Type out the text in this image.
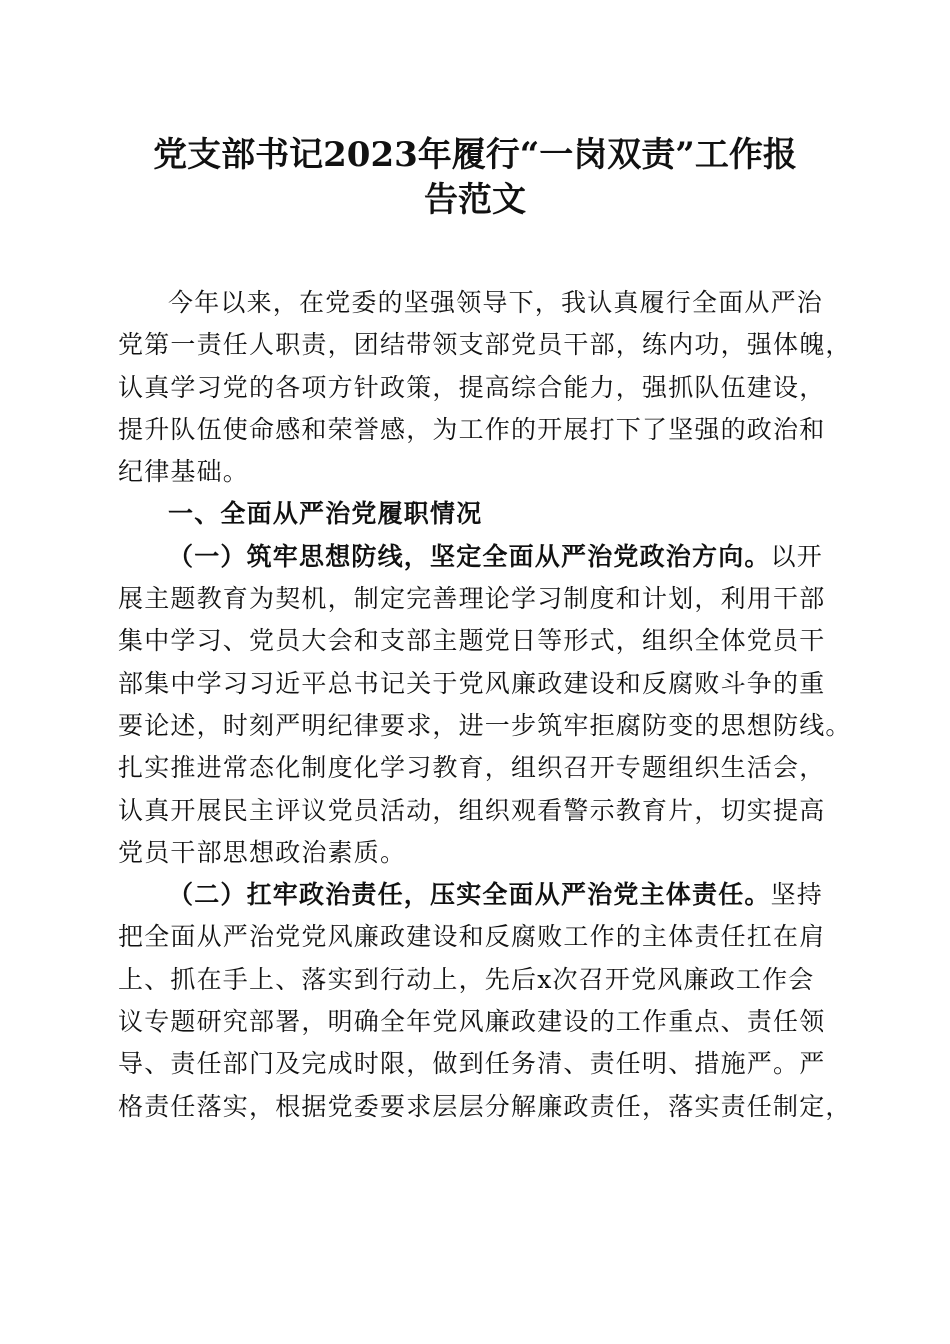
党支部书记2023年履行“一岗双责”工作报
告范文
今年以来，在党委的坚强领导下，我认真履行全面从严治
党第一责任人职责，团结带领支部党员干部，练内功，强体魄，
认真学习党的各项方针政策，提高综合能力，强抓队伍建设，
提升队伍使命感和荣誉感，为工作的开展打下了坚强的政治和
纪律基础。
一、全面从严治党履职情况
（一）筑牢思想防线，坚定全面从严治党政治方向。以开
展主题教育为契机，制定完善理论学习制度和计划，利用干部
集中学习、党员大会和支部主题党日等形式，组织全体党员干
部集中学习习近平总书记关于党风廉政建设和反腐败斗争的重
要论述，时刻严明纪律要求，进一步筑牢拒腐防变的思想防线。
扎实推进常态化制度化学习教育，组织召开专题组织生活会，
认真开展民主评议党员活动，组织观看警示教育片，切实提高
党员干部思想政治素质。
（二）扛牢政治责任，压实全面从严治党主体责任。坚持
把全面从严治党党风廉政建设和反腐败工作的主体责任扛在肩
上、抓在手上、落实到行动上，先后x次召开党风廉政工作会
议专题研究部署，明确全年党风廉政建设的工作重点、责任领
导、责任部门及完成时限，做到任务清、责任明、措施严。严
格责任落实，根据党委要求层层分解廉政责任，落实责任制定，
